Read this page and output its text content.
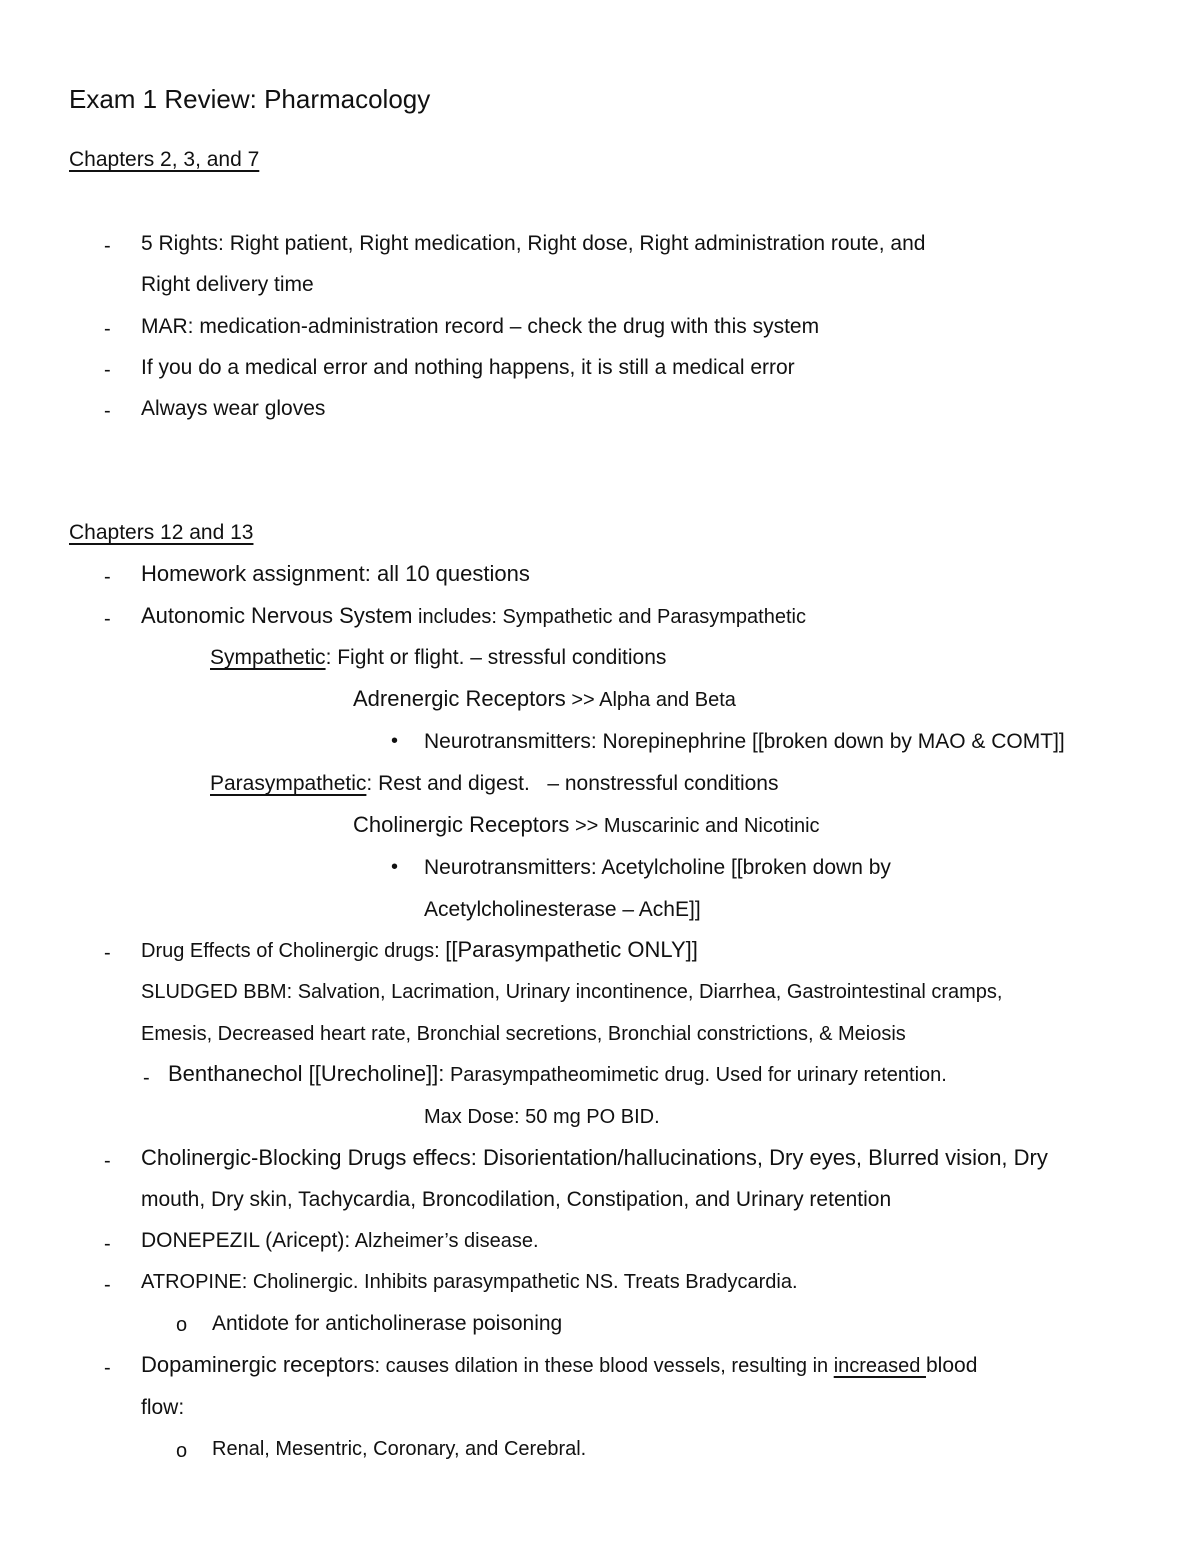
Exam 1 Review: Pharmacology
Chapters 2, 3, and 7
- 5 Rights: Right patient, Right medication, Right dose, Right administration route, and
Right delivery time
- MAR: medication-administration record – check the drug with this system
- If you do a medical error and nothing happens, it is still a medical error
- Always wear gloves
Chapters 12 and 13
- Homework assignment: all 10 questions
- Autonomic Nervous System includes: Sympathetic and Parasympathetic
Sympathetic: Fight or flight. – stressful conditions
Adrenergic Receptors >> Alpha and Beta
• Neurotransmitters: Norepinephrine [[broken down by MAO & COMT]]
Parasympathetic: Rest and digest.   – nonstressful conditions
Cholinergic Receptors >> Muscarinic and Nicotinic
• Neurotransmitters: Acetylcholine [[broken down by
Acetylcholinesterase – AchE]]
- Drug Effects of Cholinergic drugs: [[Parasympathetic ONLY]]
SLUDGED BBM: Salvation, Lacrimation, Urinary incontinence, Diarrhea, Gastrointestinal cramps,
Emesis, Decreased heart rate, Bronchial secretions, Bronchial constrictions, & Meiosis
- Benthanechol [[Urecholine]]: Parasympatheomimetic drug. Used for urinary retention.
Max Dose: 50 mg PO BID.
- Cholinergic-Blocking Drugs effecs: Disorientation/hallucinations, Dry eyes, Blurred vision, Dry
mouth, Dry skin, Tachycardia, Broncodilation, Constipation, and Urinary retention
- DONEPEZIL (Aricept): Alzheimer’s disease.
- ATROPINE: Cholinergic. Inhibits parasympathetic NS. Treats Bradycardia.
o Antidote for anticholinerase poisoning
- Dopaminergic receptors: causes dilation in these blood vessels, resulting in increased blood
flow:
o Renal, Mesentric, Coronary, and Cerebral.
